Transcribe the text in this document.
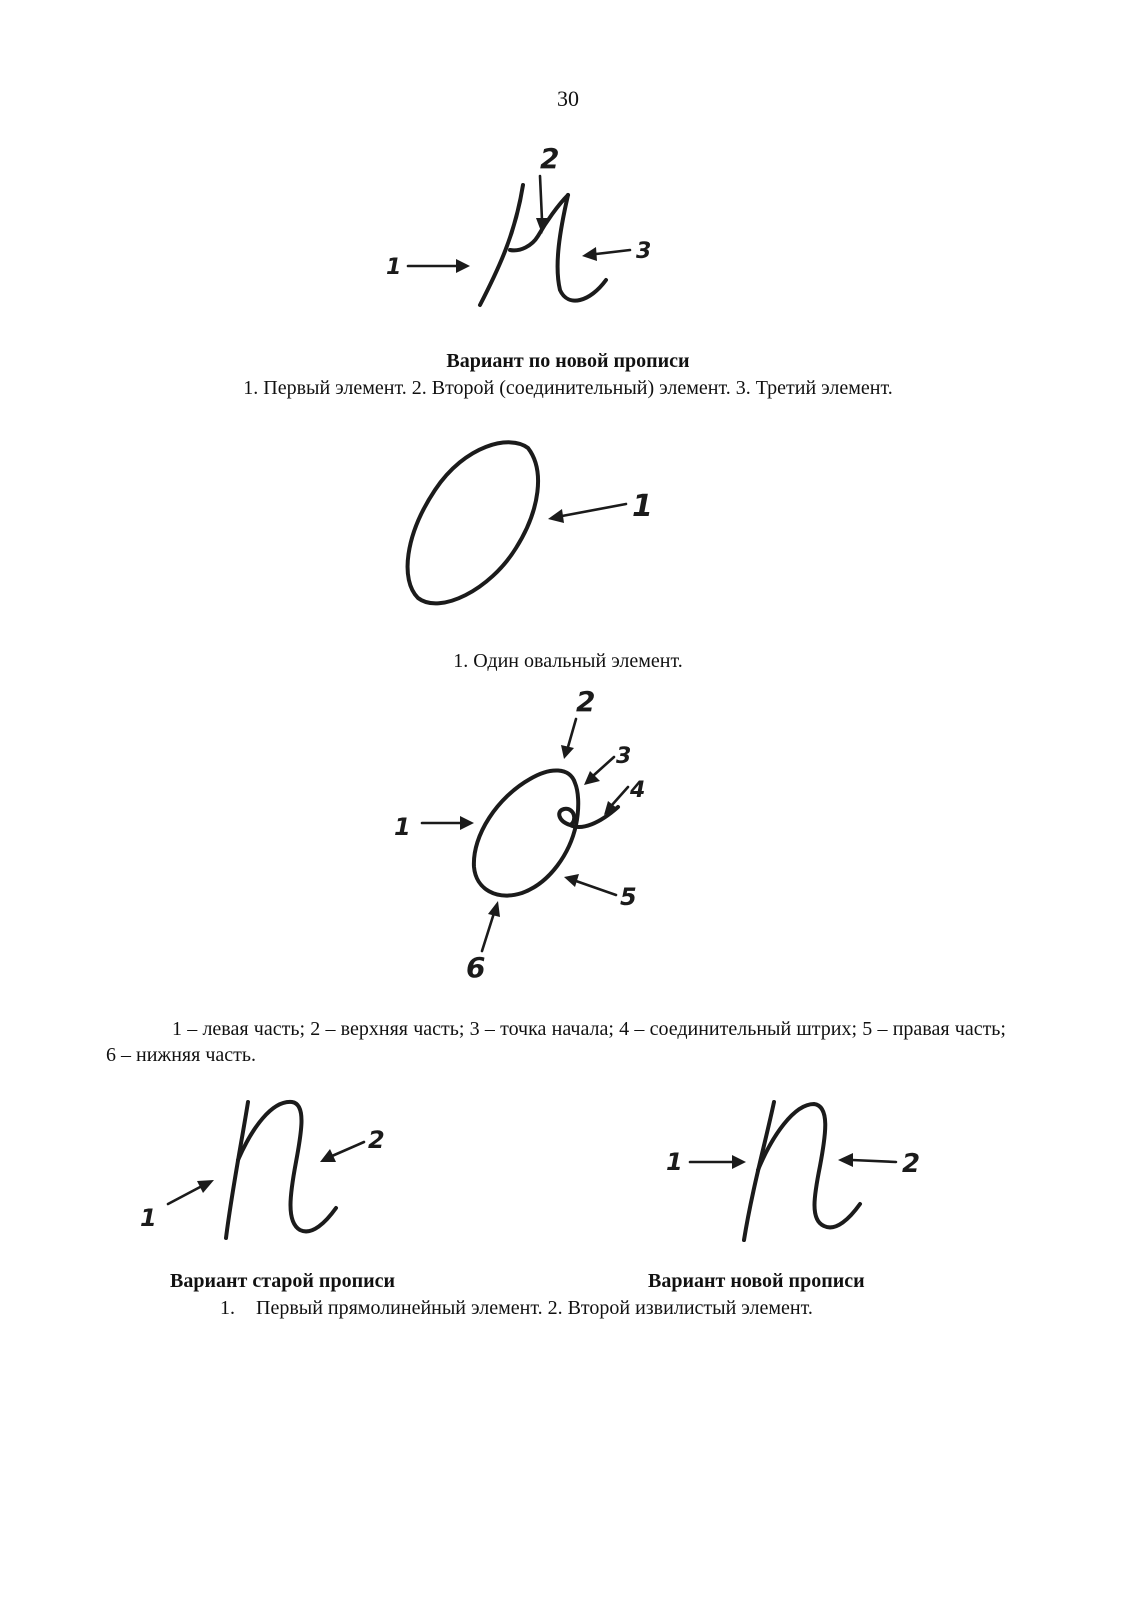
30
1
2
3
Вариант по новой прописи
1. Первый элемент. 2. Второй (соединительный) элемент. 3. Третий элемент.
1
1. Один овальный элемент.
1
2
3
4
5
6
1 – левая часть; 2 – верхняя часть; 3 – точка начала; 4 – соединительный штрих; 5 – правая часть; 6 – нижняя часть.
1
2
1	2
Вариант старой прописи	Вариант новой прописи
1. Первый прямолинейный элемент. 2. Второй извилистый элемент.
